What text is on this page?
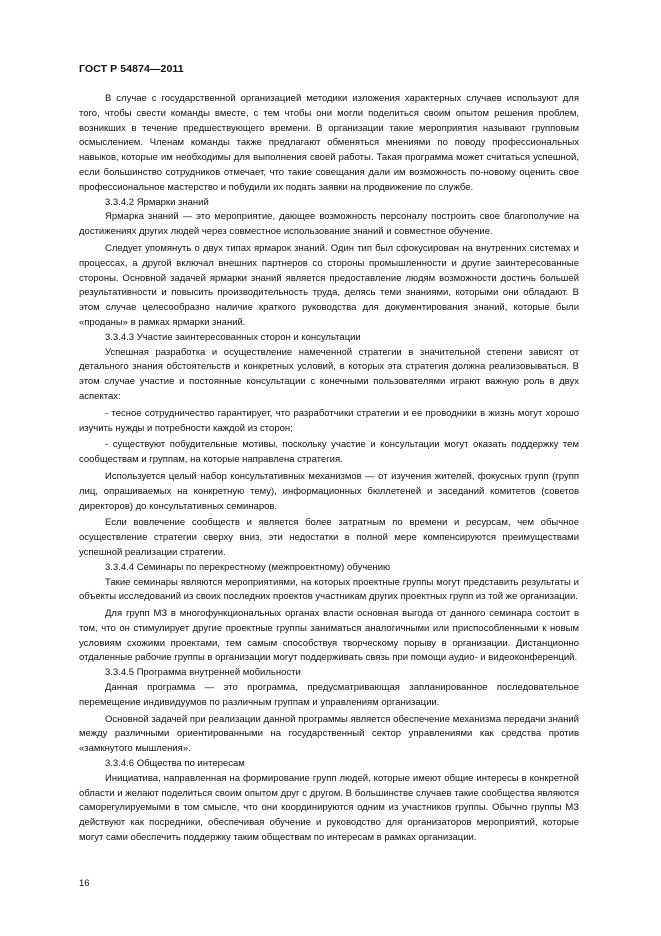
ГОСТ Р 54874—2011

В случае с государственной организацией методики изложения характерных случаев используют для того, чтобы свести команды вместе, с тем чтобы они могли поделиться своим опытом решения проблем, возникших в течение предшествующего времени. В организации такие мероприятия называют групповым осмыслением. Членам команды также предлагают обменяться мнениями по поводу профессиональных навыков, которые им необходимы для выполнения своей работы. Такая программа может считаться успешной, если большинство сотрудников отмечает, что такие совещания дали им возможность по-новому оценить свое профессиональное мастерство и побудили их подать заявки на продвижение по службе.

3.3.4.2 Ярмарки знаний

Ярмарка знаний — это мероприятие, дающее возможность персоналу построить свое благополучие на достижениях других людей через совместное использование знаний и совместное обучение.

Следует упомянуть о двух типах ярмарок знаний. Один тип был сфокусирован на внутренних системах и процессах, а другой включал внешних партнеров со стороны промышленности и другие заинтересованные стороны. Основной задачей ярмарки знаний является предоставление людям возможности достичь большей результативности и повысить производительность труда, делясь теми знаниями, которыми они обладают. В этом случае целесообразно наличие краткого руководства для документирования знаний, которые были «проданы» в рамках ярмарки знаний.

3.3.4.3 Участие заинтересованных сторон и консультации

Успешная разработка и осуществление намеченной стратегии в значительной степени зависят от детального знания обстоятельств и конкретных условий, в которых эта стратегия должна реализовываться. В этом случае участие и постоянные консультации с конечными пользователями играют важную роль в двух аспектах:

- тесное сотрудничество гарантирует, что разработчики стратегии и ее проводники в жизнь могут хорошо изучить нужды и потребности каждой из сторон;

- существуют побудительные мотивы, поскольку участие и консультации могут оказать поддержку тем сообществам и группам, на которые направлена стратегия.

Используется целый набор консультативных механизмов — от изучения жителей, фокусных групп (групп лиц, опрашиваемых на конкретную тему), информационных бюллетеней и заседаний комитетов (советов директоров) до консультативных семинаров.

Если вовлечение сообществ и является более затратным по времени и ресурсам, чем обычное осуществление стратегии сверху вниз, эти недостатки в полной мере компенсируются преимуществами успешной реализации стратегии.

3.3.4.4 Семинары по перекрестному (межпроектному) обучению

Такие семинары являются мероприятиями, на которых проектные группы могут представить результаты и объекты исследований из своих последних проектов участникам других проектных групп из той же организации.

Для групп МЗ в многофункциональных органах власти основная выгода от данного семинара состоит в том, что он стимулирует другие проектные группы заниматься аналогичными или приспособленными к новым условиям схожими проектами, тем самым способствуя творческому порыву в организации. Дистанционно отдаленные рабочие группы в организации могут поддерживать связь при помощи аудио- и видеоконференций.

3.3.4.5 Программа внутренней мобильности

Данная программа — это программа, предусматривающая запланированное последовательное перемещение индивидуумов по различным группам и управлениям организации.

Основной задачей при реализации данной программы является обеспечение механизма передачи знаний между различными ориентированными на государственный сектор управлениями как средства против «замкнутого мышления».

3.3.4.6 Общества по интересам

Инициатива, направленная на формирование групп людей, которые имеют общие интересы в конкретной области и желают поделиться своим опытом друг с другом. В большинстве случаев такие сообщества являются саморегулируемыми в том смысле, что они координируются одним из участников группы. Обычно группы МЗ действуют как посредники, обеспечивая обучение и руководство для организаторов мероприятий, которые могут сами обеспечить поддержку таким обществам по интересам в рамках организации.

16
